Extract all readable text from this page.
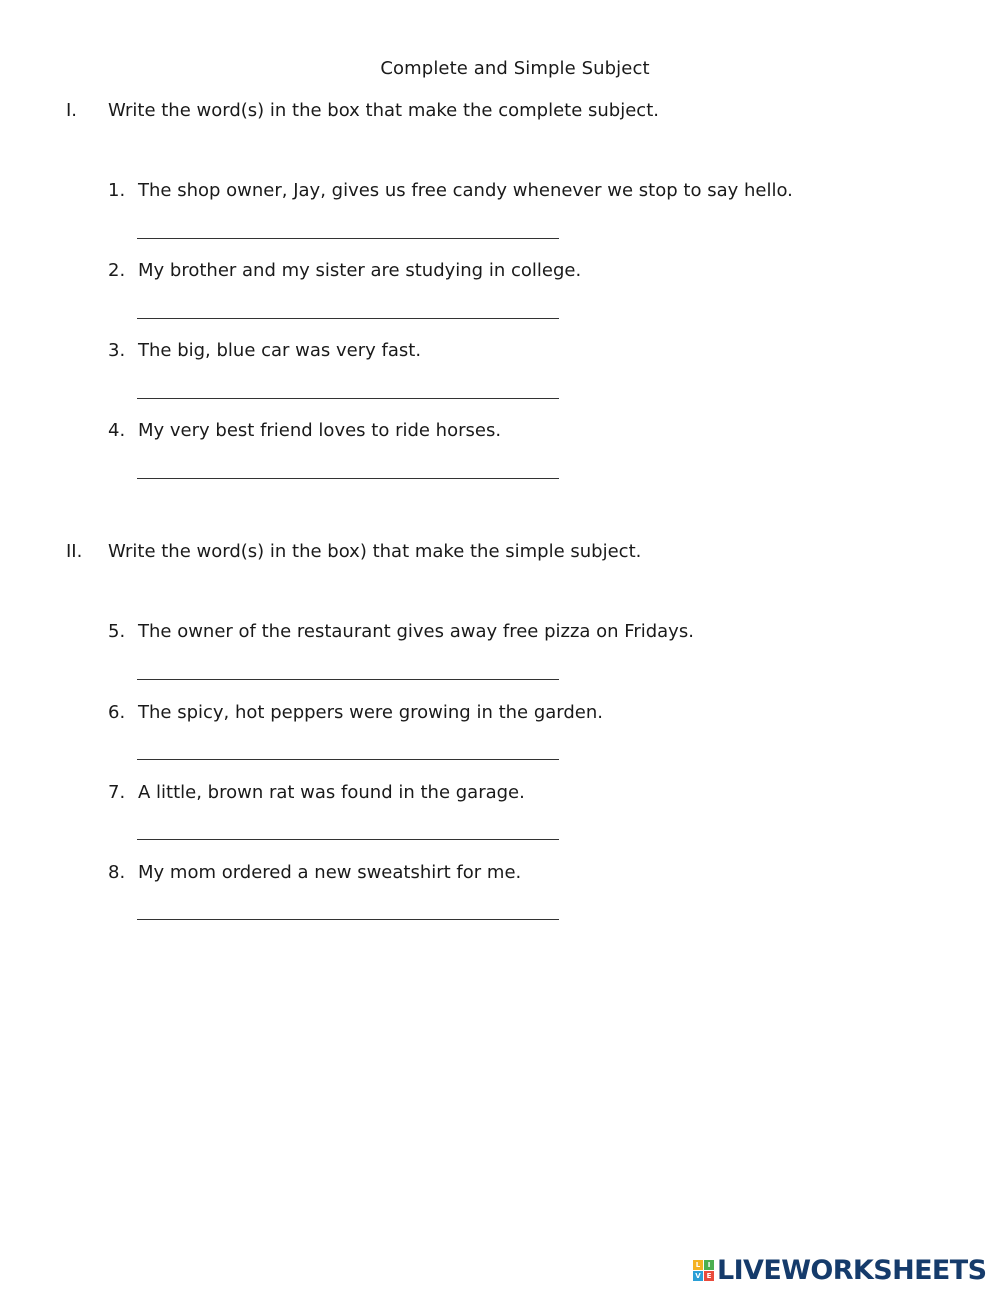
Complete and Simple Subject
I. Write the word(s) in the box that make the complete subject.
1. The shop owner, Jay, gives us free candy whenever we stop to say hello.
2. My brother and my sister are studying in college.
3. The big, blue car was very fast.
4. My very best friend loves to ride horses.
II. Write the word(s) in the box) that make the simple subject.
5. The owner of the restaurant gives away free pizza on Fridays.
6. The spicy, hot peppers were growing in the garden.
7. A little, brown rat was found in the garage.
8. My mom ordered a new sweatshirt for me.
L	I
V E LIVEWORKSHEETS
